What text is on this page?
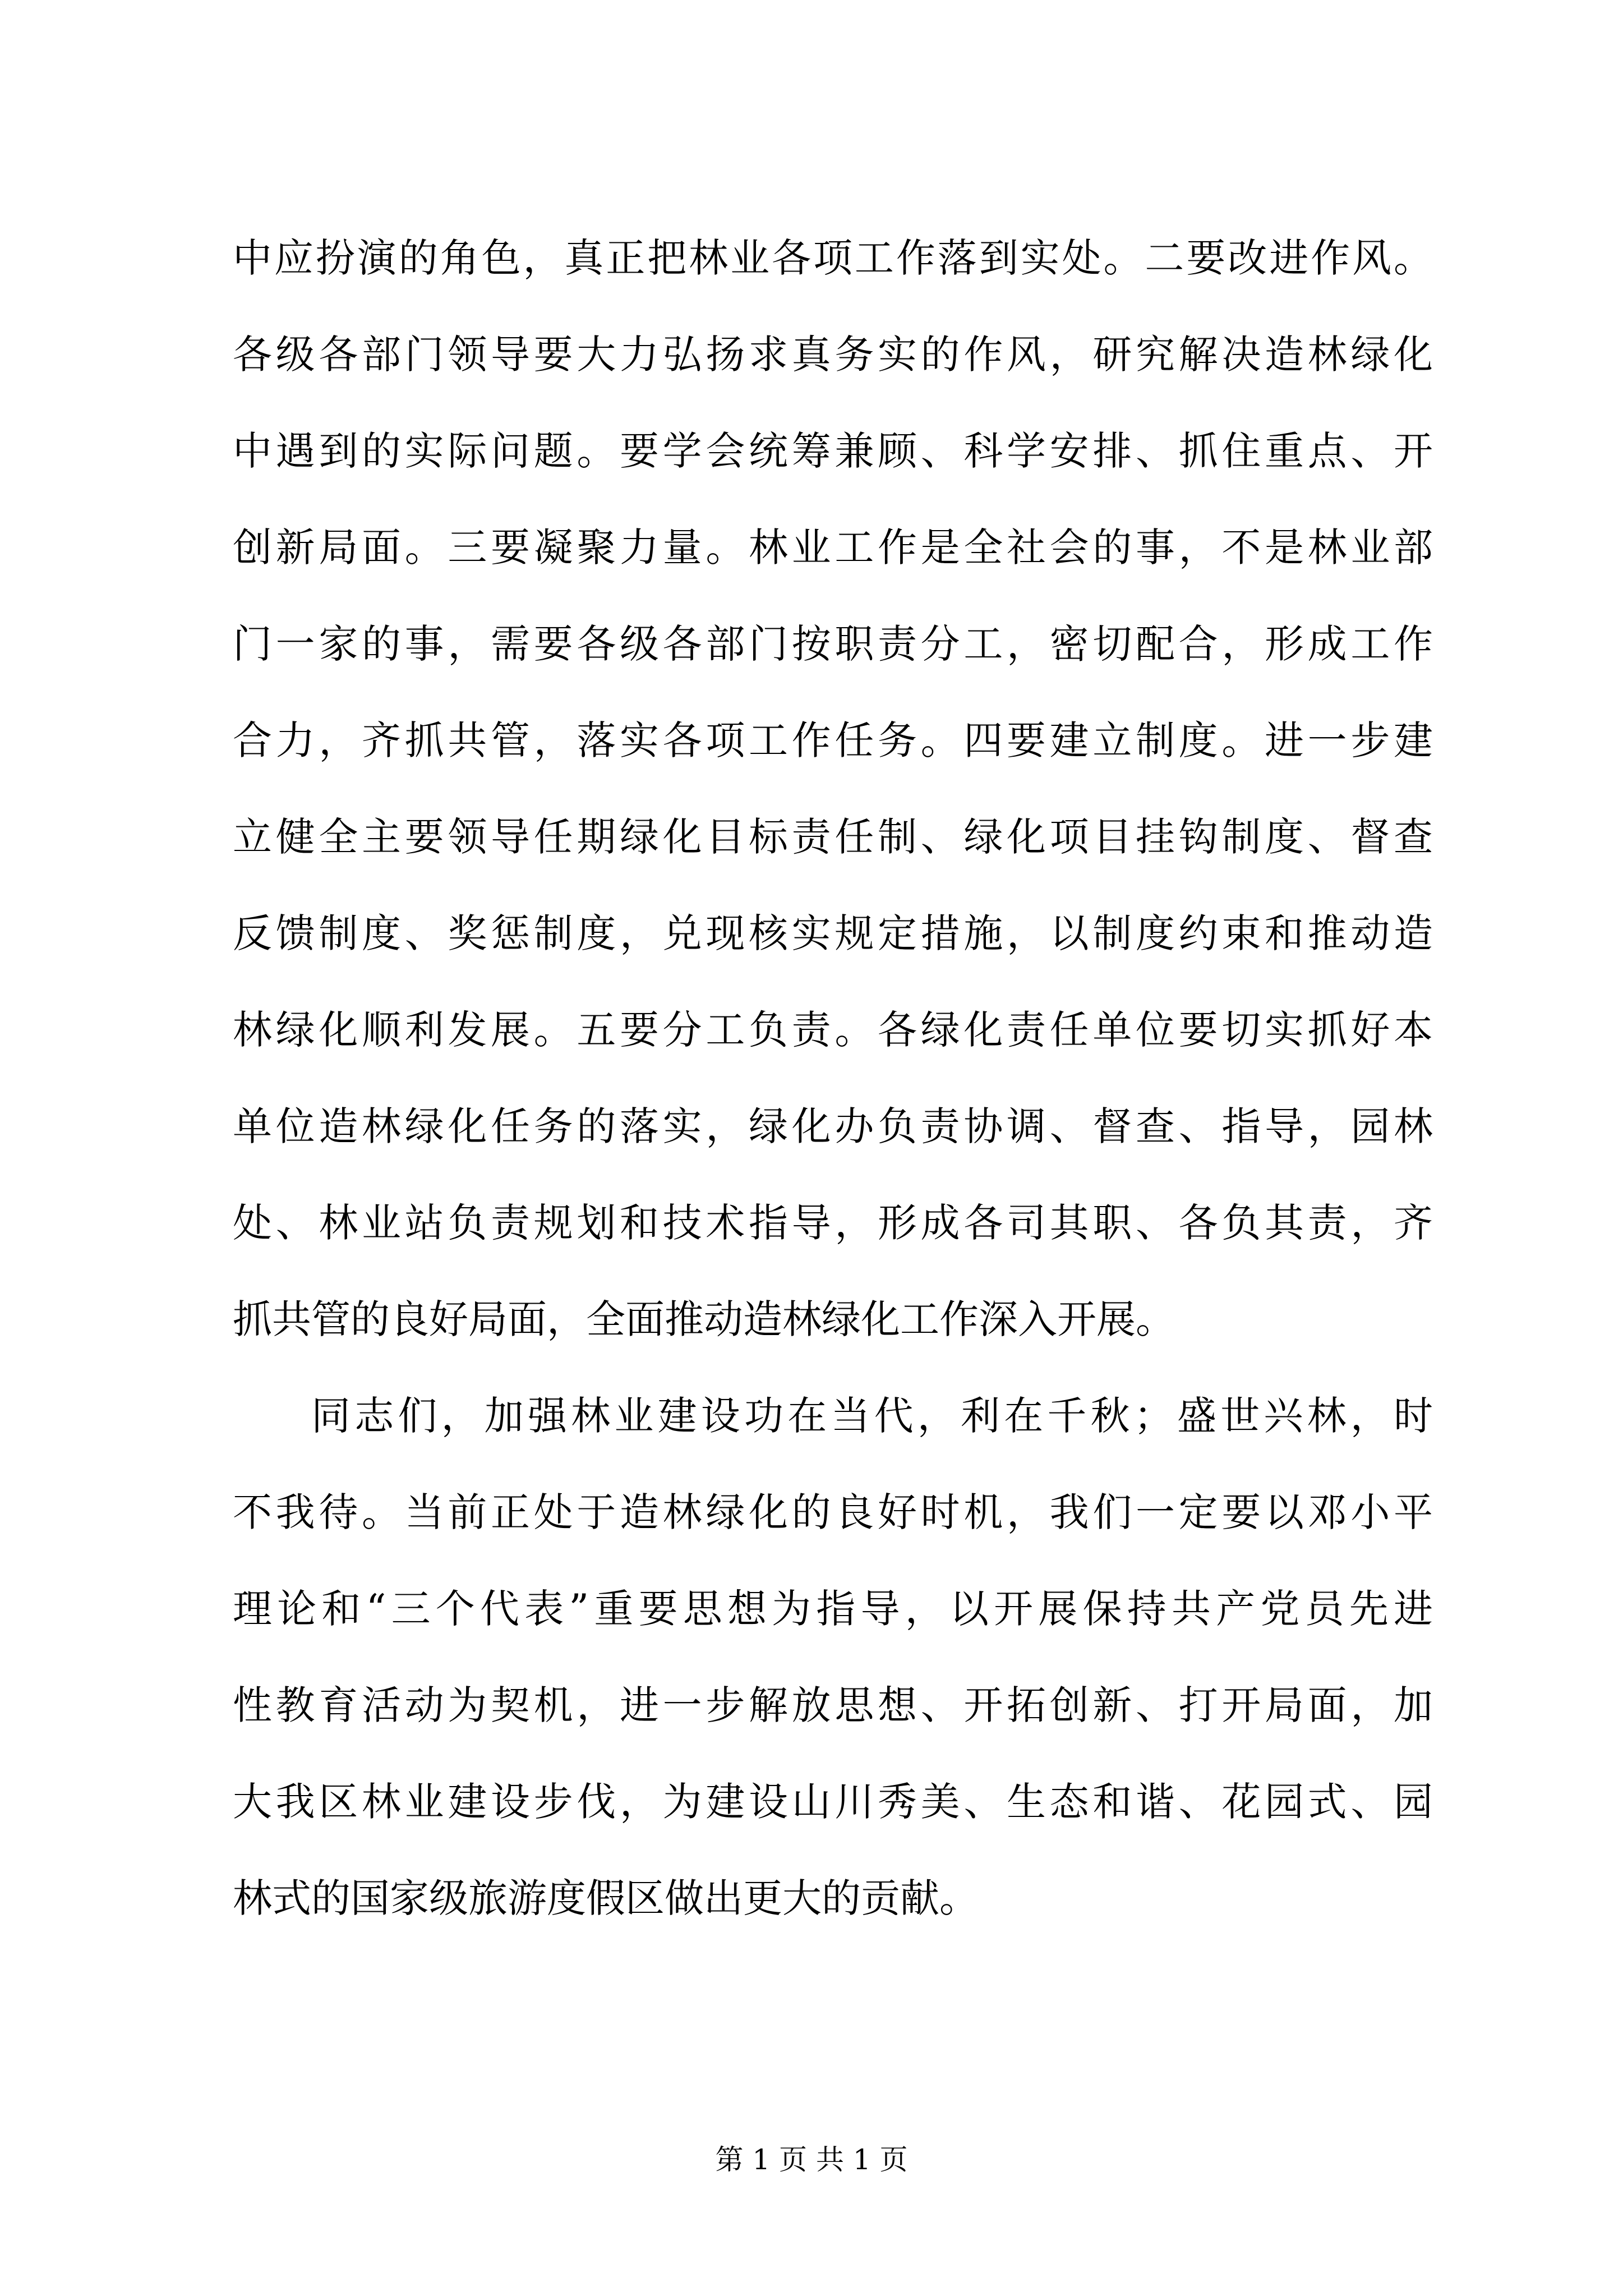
中应扮演的角色，真正把林业各项工作落到实处。二要改进作风。
各级各部门领导要大力弘扬求真务实的作风，研究解决造林绿化
中遇到的实际问题。要学会统筹兼顾、科学安排、抓住重点、开
创新局面。三要凝聚力量。林业工作是全社会的事，不是林业部
门一家的事，需要各级各部门按职责分工，密切配合，形成工作
合力，齐抓共管，落实各项工作任务。四要建立制度。进一步建
立健全主要领导任期绿化目标责任制、绿化项目挂钩制度、督查
反馈制度、奖惩制度，兑现核实规定措施，以制度约束和推动造
林绿化顺利发展。五要分工负责。各绿化责任单位要切实抓好本
单位造林绿化任务的落实，绿化办负责协调、督查、指导，园林
处、林业站负责规划和技术指导，形成各司其职、各负其责，齐
抓共管的良好局面，全面推动造林绿化工作深入开展。
同志们，加强林业建设功在当代，利在千秋；盛世兴林，时
不我待。当前正处于造林绿化的良好时机，我们一定要以邓小平
理论和“三个代表”重要思想为指导，以开展保持共产党员先进
性教育活动为契机，进一步解放思想、开拓创新、打开局面，加
大我区林业建设步伐，为建设山川秀美、生态和谐、花园式、园
林式的国家级旅游度假区做出更大的贡献。
第 1 页 共 1 页
